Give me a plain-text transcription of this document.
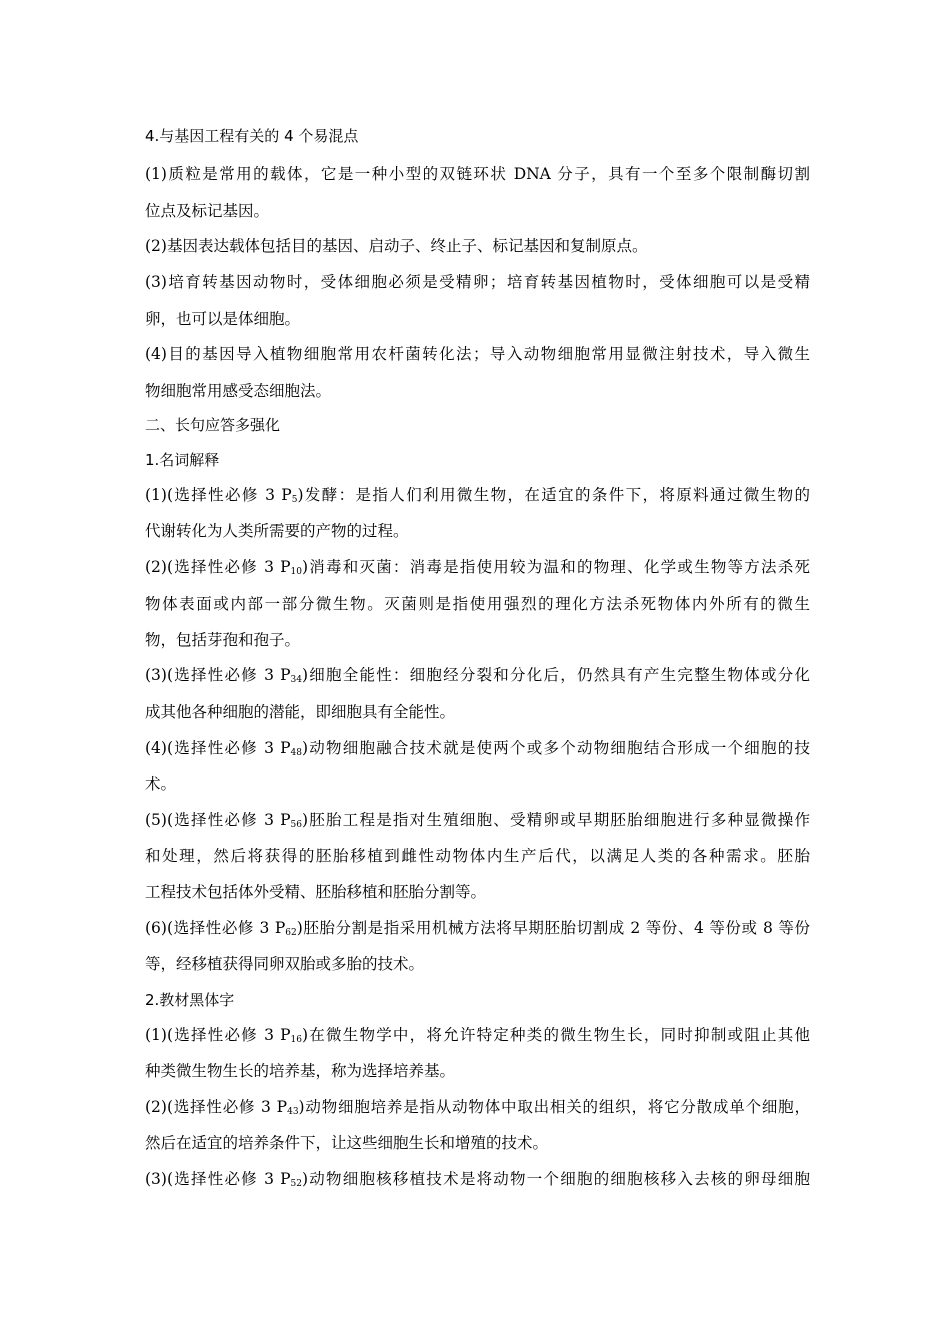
4.与基因工程有关的 4 个易混点
(1)质粒是常用的载体，它是一种小型的双链环状 DNA 分子，具有一个至多个限制酶切割
位点及标记基因。
(2)基因表达载体包括目的基因、启动子、终止子、标记基因和复制原点。
(3)培育转基因动物时，受体细胞必须是受精卵；培育转基因植物时，受体细胞可以是受精
卵，也可以是体细胞。
(4)目的基因导入植物细胞常用农杆菌转化法；导入动物细胞常用显微注射技术，导入微生
物细胞常用感受态细胞法。
二、长句应答多强化
1.名词解释
(1)(选择性必修 3 $P_5$)发酵：是指人们利用微生物，在适宜的条件下，将原料通过微生物的
代谢转化为人类所需要的产物的过程。
(2)(选择性必修 3 $P_{10}$)消毒和灭菌：消毒是指使用较为温和的物理、化学或生物等方法杀死
物体表面或内部一部分微生物。灭菌则是指使用强烈的理化方法杀死物体内外所有的微生
物，包括芽孢和孢子。
(3)(选择性必修 3 $P_{34}$)细胞全能性：细胞经分裂和分化后，仍然具有产生完整生物体或分化
成其他各种细胞的潜能，即细胞具有全能性。
(4)(选择性必修 3 $P_{48}$)动物细胞融合技术就是使两个或多个动物细胞结合形成一个细胞的技
术。
(5)(选择性必修 3 $P_{56}$)胚胎工程是指对生殖细胞、受精卵或早期胚胎细胞进行多种显微操作
和处理，然后将获得的胚胎移植到雌性动物体内生产后代，以满足人类的各种需求。胚胎
工程技术包括体外受精、胚胎移植和胚胎分割等。
(6)(选择性必修 3 $P_{62}$)胚胎分割是指采用机械方法将早期胚胎切割成 2 等份、4 等份或 8 等份
等，经移植获得同卵双胎或多胎的技术。
2.教材黑体字
(1)(选择性必修 3 $P_{16}$)在微生物学中，将允许特定种类的微生物生长，同时抑制或阻止其他
种类微生物生长的培养基，称为选择培养基。
(2)(选择性必修 3 $P_{43}$)动物细胞培养是指从动物体中取出相关的组织，将它分散成单个细胞，
然后在适宜的培养条件下，让这些细胞生长和增殖的技术。
(3)(选择性必修 3 $P_{52}$)动物细胞核移植技术是将动物一个细胞的细胞核移入去核的卵母细胞
